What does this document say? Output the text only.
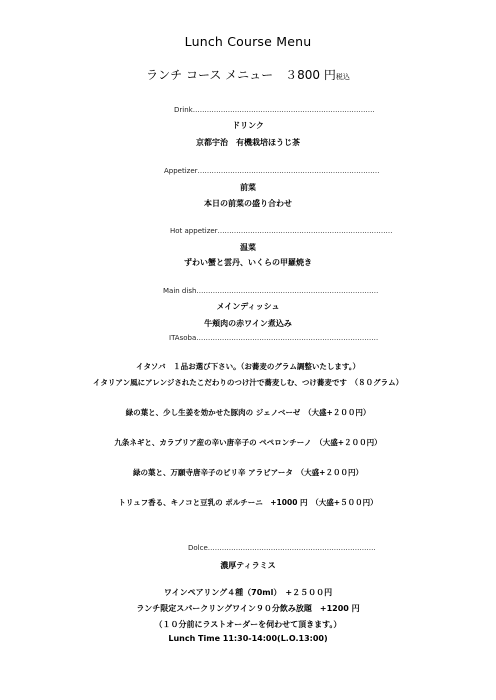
Lunch Course Menu
ランチ コース メニュー　３800 円税込
Drink……………………………………………………………………
ドリンク
京都宇治　有機栽培ほうじ茶
Appetizer……………………………………………………………………
前菜
本日の前菜の盛り合わせ
Hot appetizer…………………………………………………………………
温菜
ずわい蟹と雲丹、いくらの甲羅焼き
Main dish……………………………………………………………………
メインディッシュ
牛頬肉の赤ワイン煮込み
ITAsoba……………………………………………………………………
イタソバ　１品お選び下さい。（お蕎麦のグラム調整いたします。）
イタリアン風にアレンジされたこだわりのつけ汁で蕎麦しむ、つけ蕎麦です　（８０グラム）
緑の葉と、少し生姜を効かせた豚肉の ジェノベーゼ　（大盛+２００円）
九条ネギと、カラブリア産の辛い唐辛子の ペペロンチーノ　（大盛+２００円）
緑の葉と、万願寺唐辛子のピリ辛 アラビアータ　（大盛+２００円）
トリュフ香る、キノコと豆乳の ポルチーニ　+1000 円　（大盛+５００円）
Dolce………………………………………………………………
濃厚ティラミス
ワインペアリング４種（70ml）　+２５００円
ランチ限定スパークリングワイン９０分飲み放題　+1200 円
（１０分前にラストオーダーを伺わせて頂きます。）
Lunch Time 11:30-14:00(L.O.13:00)
